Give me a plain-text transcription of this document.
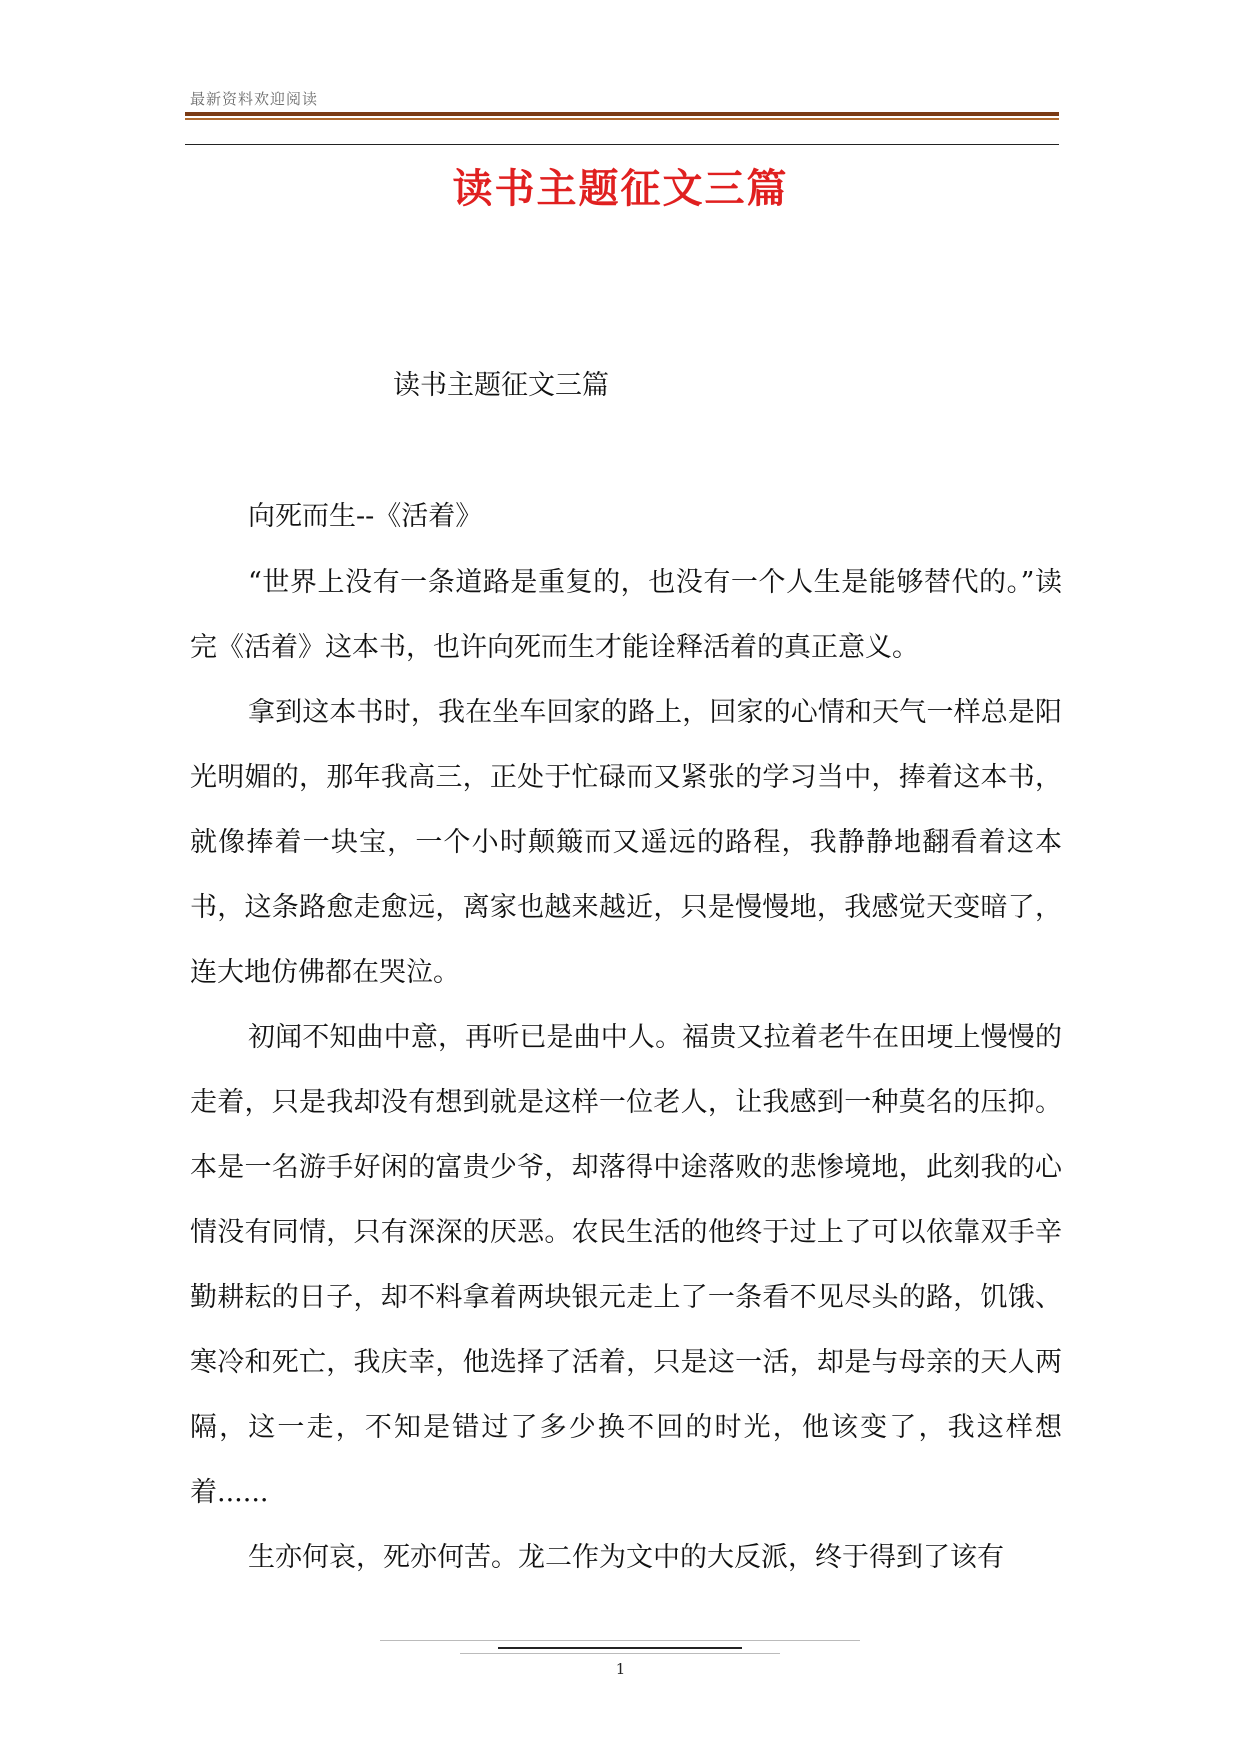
最新资料欢迎阅读
读书主题征文三篇
读书主题征文三篇
向死而生--《活着》

“世界上没有一条道路是重复的，也没有一个人生是能够替代的。”读完《活着》这本书，也许向死而生才能诠释活着的真正意义。

拿到这本书时，我在坐车回家的路上，回家的心情和天气一样总是阳光明媚的，那年我高三，正处于忙碌而又紧张的学习当中，捧着这本书，就像捧着一块宝，一个小时颠簸而又遥远的路程，我静静地翻看着这本书，这条路愈走愈远，离家也越来越近，只是慢慢地，我感觉天变暗了，连大地仿佛都在哭泣。

初闻不知曲中意，再听已是曲中人。福贵又拉着老牛在田埂上慢慢的走着，只是我却没有想到就是这样一位老人，让我感到一种莫名的压抑。本是一名游手好闲的富贵少爷，却落得中途落败的悲惨境地，此刻我的心情没有同情，只有深深的厌恶。农民生活的他终于过上了可以依靠双手辛勤耕耘的日子，却不料拿着两块银元走上了一条看不见尽头的路，饥饿、寒冷和死亡，我庆幸，他选择了活着，只是这一活，却是与母亲的天人两隔，这一走，不知是错过了多少换不回的时光，他该变了，我这样想着......

生亦何哀，死亦何苦。龙二作为文中的大反派，终于得到了该有

1
